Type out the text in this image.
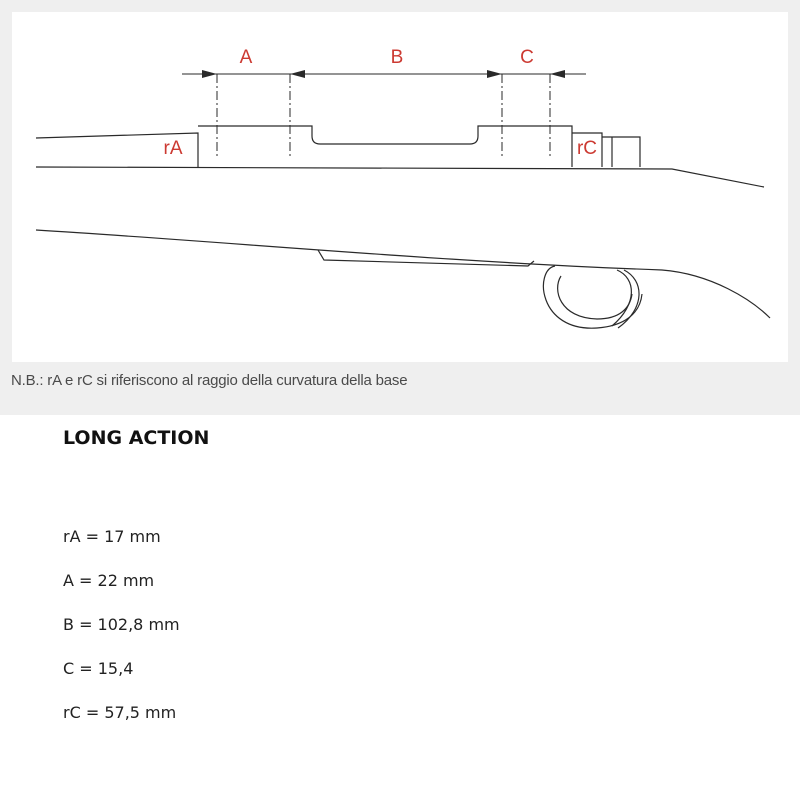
A	B	C
rA	rC
N.B.: rA e rC si riferiscono al raggio della curvatura della base
LONG ACTION
rA = 17 mm
A = 22 mm
B = 102,8 mm
C = 15,4
rC = 57,5 mm
